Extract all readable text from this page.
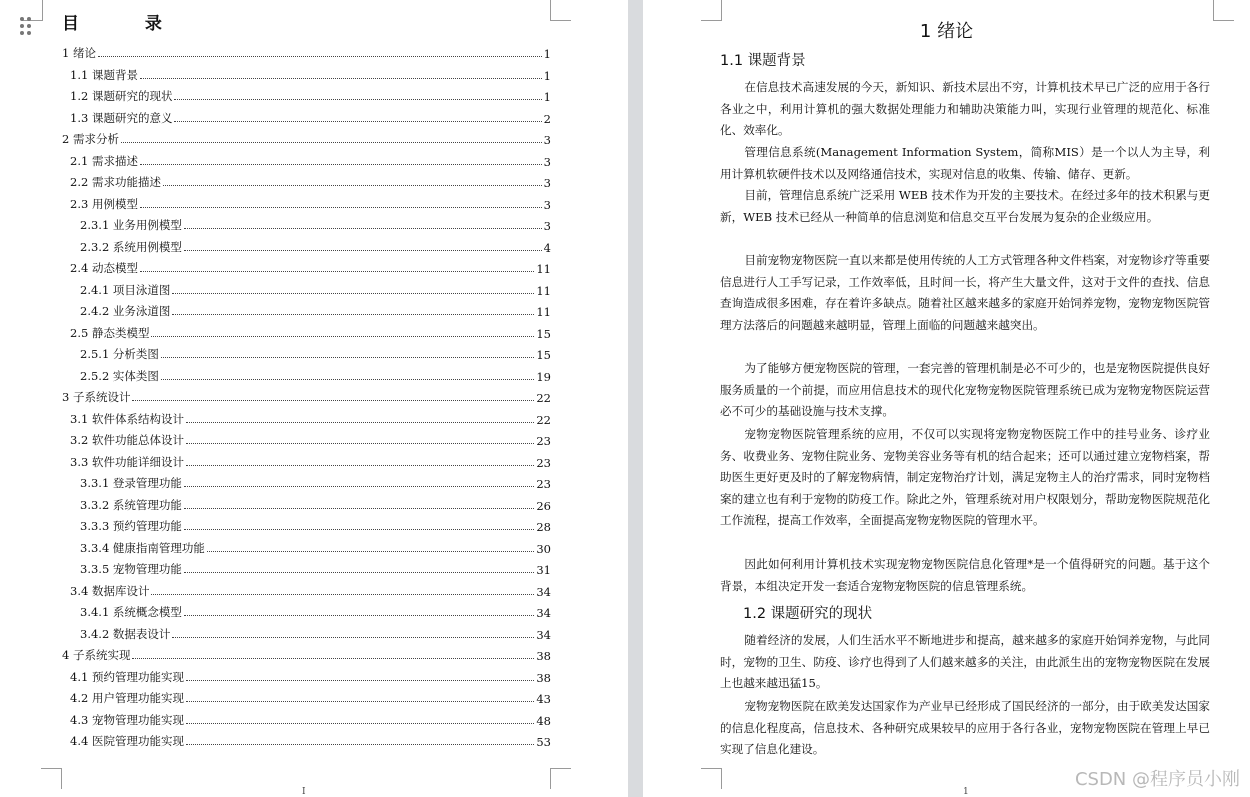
目	录
1 绪论	1
1.1 课题背景	1
1.2 课题研究的现状	1
1.3 课题研究的意义	2
2 需求分析	3
2.1 需求描述	3
2.2 需求功能描述	3
2.3 用例模型	3
2.3.1 业务用例模型	3
2.3.2 系统用例模型	4
2.4 动态模型	11
2.4.1 项目泳道图	11
2.4.2 业务泳道图	11
2.5 静态类模型	15
2.5.1 分析类图	15
2.5.2 实体类图	19
3 子系统设计	22
3.1 软件体系结构设计	22
3.2 软件功能总体设计	23
3.3 软件功能详细设计	23
3.3.1 登录管理功能	23
3.3.2 系统管理功能	26
3.3.3 预约管理功能	28
3.3.4 健康指南管理功能	30
3.3.5 宠物管理功能	31
3.4 数据库设计	34
3.4.1 系统概念模型	34
3.4.2 数据表设计	34
4 子系统实现	38
4.1 预约管理功能实现	38
4.2 用户管理功能实现	43
4.3 宠物管理功能实现	48
4.4 医院管理功能实现	53
I
1 绪论
1.1 课题背景
在信息技术高速发展的今天，新知识、新技术层出不穷，计算机技术早已广泛的应用于各行各业之中，利用计算机的强大数据处理能力和辅助决策能力叫，实现行业管理的规范化、标准化、效率化。
管理信息系统(Management Information System，简称MIS）是一个以人为主导，利用计算机软硬件技术以及网络通信技术，实现对信息的收集、传输、储存、更新。
目前，管理信息系统广泛采用 WEB 技术作为开发的主要技术。在经过多年的技术积累与更新，WEB 技术已经从一种简单的信息浏览和信息交互平台发展为复杂的企业级应用。
目前宠物宠物医院一直以来都是使用传统的人工方式管理各种文件档案，对宠物诊疗等重要信息进行人工手写记录，工作效率低，且时间一长，将产生大量文件，这对于文件的查找、信息查询造成很多困难，存在着许多缺点。随着社区越来越多的家庭开始饲养宠物，宠物宠物医院管理方法落后的问题越来越明显，管理上面临的问题越来越突出。
为了能够方便宠物医院的管理，一套完善的管理机制是必不可少的，也是宠物医院提供良好服务质量的一个前提，而应用信息技术的现代化宠物宠物医院管理系统已成为宠物宠物医院运营必不可少的基础设施与技术支撑。
宠物宠物医院管理系统的应用，不仅可以实现将宠物宠物医院工作中的挂号业务、诊疗业务、收费业务、宠物住院业务、宠物美容业务等有机的结合起来；还可以通过建立宠物档案，帮助医生更好更及时的了解宠物病情，制定宠物治疗计划，满足宠物主人的治疗需求，同时宠物档案的建立也有利于宠物的防疫工作。除此之外，管理系统对用户权限划分，帮助宠物医院规范化工作流程，提高工作效率，全面提高宠物宠物医院的管理水平。
因此如何利用计算机技术实现宠物宠物医院信息化管理*是一个值得研究的问题。基于这个背景，本组决定开发一套适合宠物宠物医院的信息管理系统。
1.2 课题研究的现状
随着经济的发展，人们生活水平不断地进步和提高，越来越多的家庭开始饲养宠物，与此同时，宠物的卫生、防疫、诊疗也得到了人们越来越多的关注，由此派生出的宠物宠物医院在发展上也越来越迅猛15。
宠物宠物医院在欧美发达国家作为产业早已经形成了国民经济的一部分，由于欧美发达国家的信息化程度高，信息技术、各种研究成果较早的应用于各行各业，宠物宠物医院在管理上早已实现了信息化建设。
1
CSDN @程序员小刚
